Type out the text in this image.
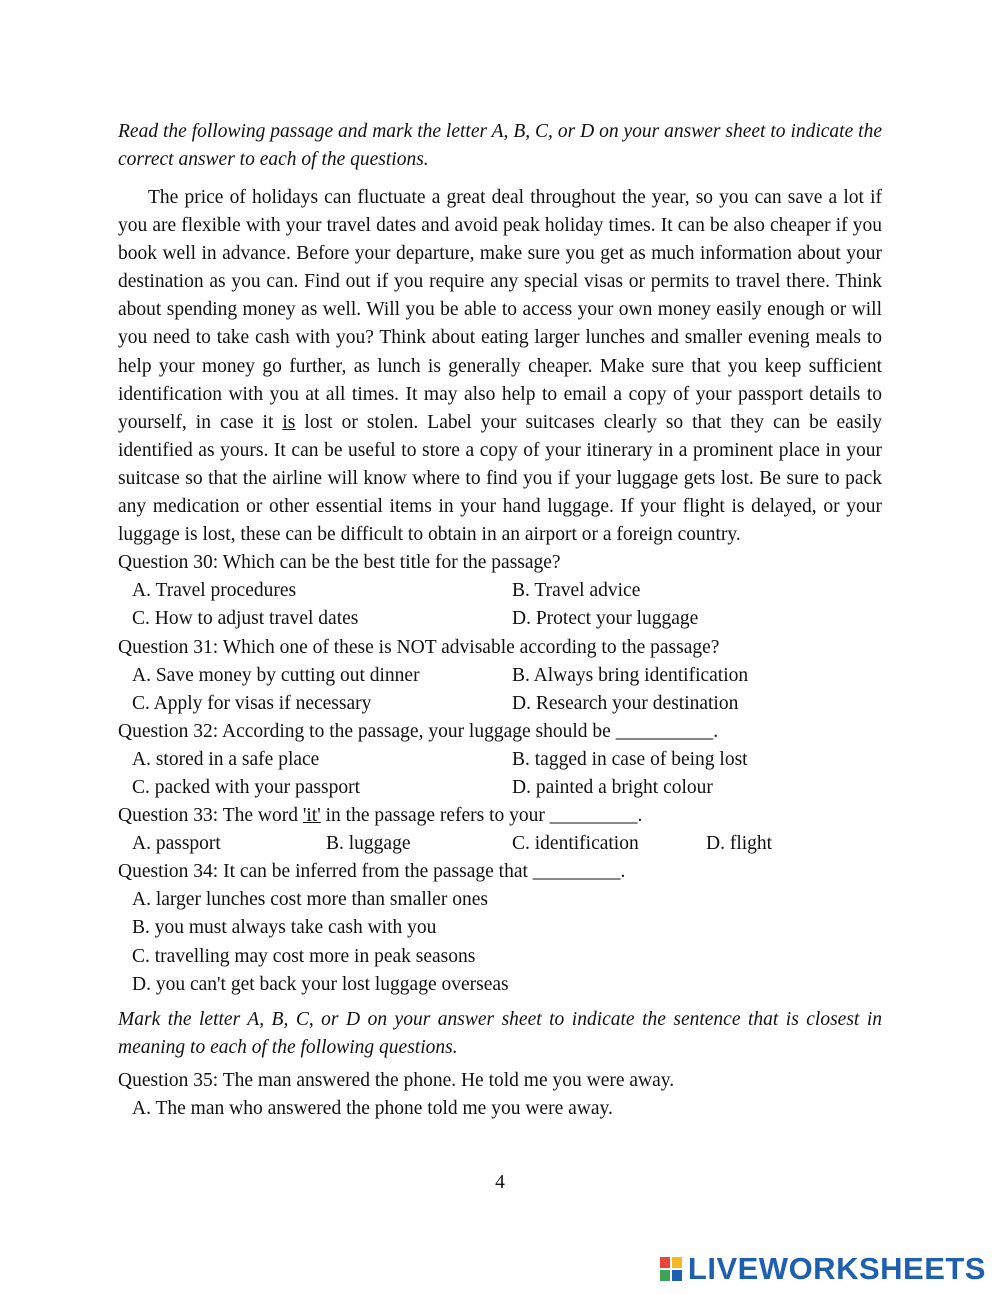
Read the following passage and mark the letter A, B, C, or D on your answer sheet to indicate the correct answer to each of the questions.

The price of holidays can fluctuate a great deal throughout the year, so you can save a lot if you are flexible with your travel dates and avoid peak holiday times. It can be also cheaper if you book well in advance. Before your departure, make sure you get as much information about your destination as you can. Find out if you require any special visas or permits to travel there. Think about spending money as well. Will you be able to access your own money easily enough or will you need to take cash with you? Think about eating larger lunches and smaller evening meals to help your money go further, as lunch is generally cheaper. Make sure that you keep sufficient identification with you at all times. It may also help to email a copy of your passport details to yourself, in case it is lost or stolen. Label your suitcases clearly so that they can be easily identified as yours. It can be useful to store a copy of your itinerary in a prominent place in your suitcase so that the airline will know where to find you if your luggage gets lost. Be sure to pack any medication or other essential items in your hand luggage. If your flight is delayed, or your luggage is lost, these can be difficult to obtain in an airport or a foreign country.

Question 30: Which can be the best title for the passage?

A. Travel procedures	B. Travel advice
C. How to adjust travel dates	D. Protect your luggage

Question 31: Which one of these is NOT advisable according to the passage?

A. Save money by cutting out dinner	B. Always bring identification
C. Apply for visas if necessary	D. Research your destination

Question 32: According to the passage, your luggage should be __________.

A. stored in a safe place	B. tagged in case of being lost
C. packed with your passport	D. painted a bright colour

Question 33: The word 'it' in the passage refers to your _________.

A. passport	B. luggage	C. identification	D. flight

Question 34: It can be inferred from the passage that _________.

A. larger lunches cost more than smaller ones

B. you must always take cash with you

C. travelling may cost more in peak seasons

D. you can't get back your lost luggage overseas

Mark the letter A, B, C, or D on your answer sheet to indicate the sentence that is closest in meaning to each of the following questions.

Question 35: The man answered the phone. He told me you were away.

A. The man who answered the phone told me you were away.

4
LIVEWORKSHEETS
